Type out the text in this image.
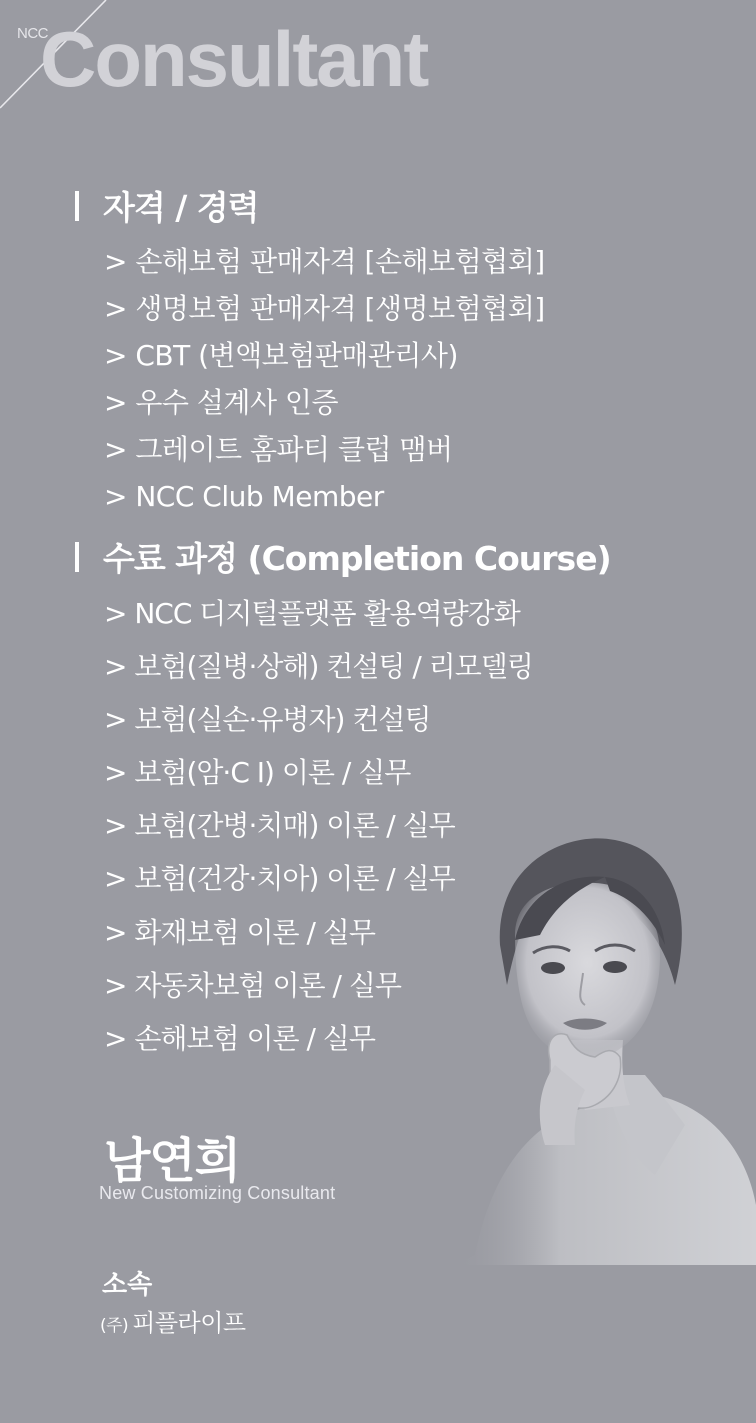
NCC
Consultant
자격 / 경력
> 손해보험 판매자격 [손해보험협회]
> 생명보험 판매자격 [생명보험협회]
> CBT (변액보험판매관리사)
> 우수 설계사 인증
> 그레이트 홈파티 클럽 맴버
> NCC Club Member
수료 과정 (Completion Course)
> NCC 디지털플랫폼 활용역량강화
> 보험(질병·상해) 컨설팅 / 리모델링
> 보험(실손·유병자) 컨설팅
> 보험(암·C I) 이론 / 실무
> 보험(간병·치매) 이론 / 실무
> 보험(건강·치아) 이론 / 실무
> 화재보험 이론 / 실무
> 자동차보험 이론 / 실무
> 손해보험 이론 / 실무
남연희
New Customizing Consultant
소속
(주) 피플라이프
